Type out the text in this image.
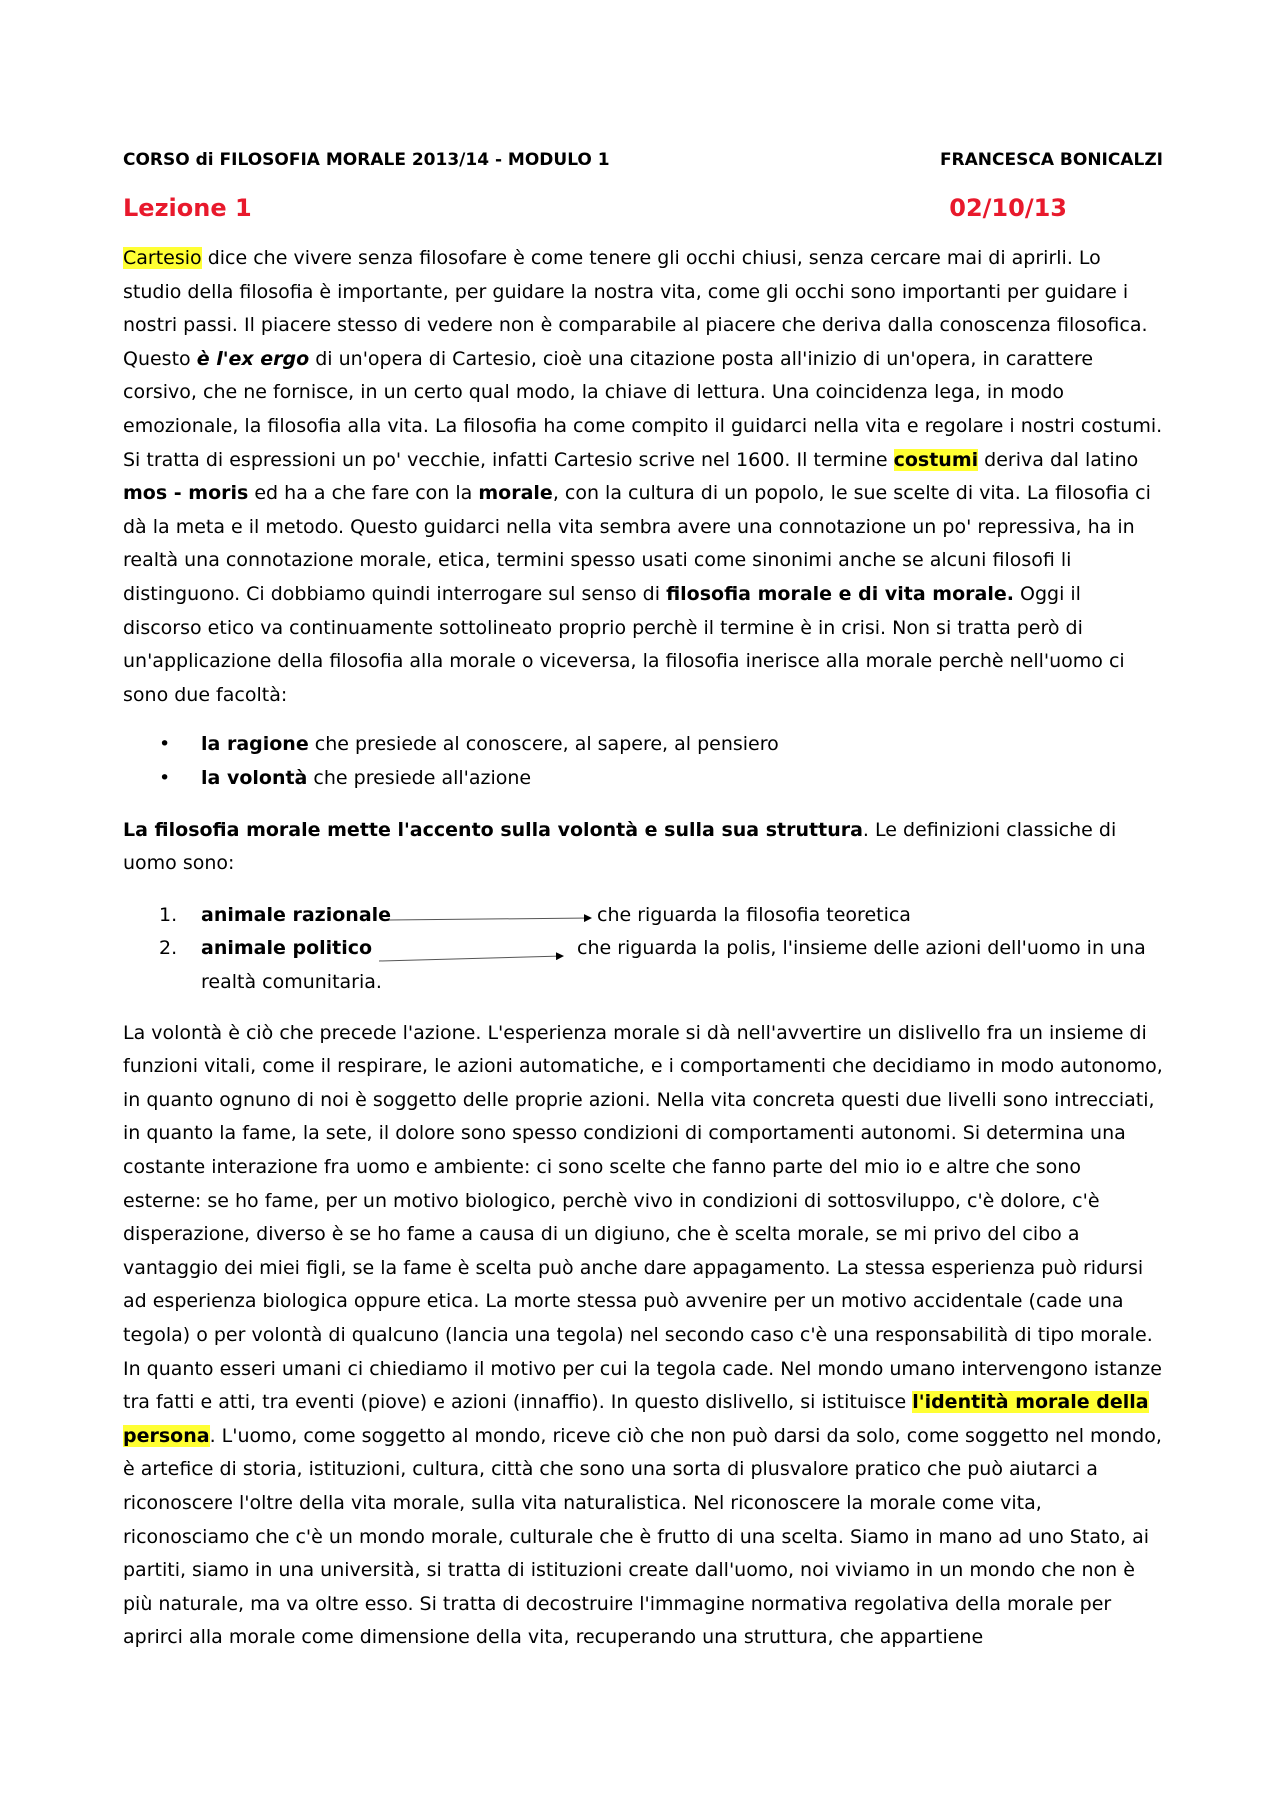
CORSO di FILOSOFIA MORALE 2013/14 - MODULO 1	FRANCESCA BONICALZI
Lezione 1	02/10/13

Cartesio dice che vivere senza filosofare è come tenere gli occhi chiusi, senza cercare mai di aprirli. Lo studio della filosofia è importante, per guidare la nostra vita, come gli occhi sono importanti per guidare i nostri passi. Il piacere stesso di vedere non è comparabile al piacere che deriva dalla conoscenza filosofica. Questo è l'ex ergo di un'opera di Cartesio, cioè una citazione posta all'inizio di un'opera, in carattere corsivo, che ne fornisce, in un certo qual modo, la chiave di lettura. Una coincidenza lega, in modo emozionale, la filosofia alla vita. La filosofia ha come compito il guidarci nella vita e regolare i nostri costumi. Si tratta di espressioni un po' vecchie, infatti Cartesio scrive nel 1600. Il termine costumi deriva dal latino mos - moris ed ha a che fare con la morale, con la cultura di un popolo, le sue scelte di vita. La filosofia ci dà la meta e il metodo. Questo guidarci nella vita sembra avere una connotazione un po' repressiva, ha in realtà una connotazione morale, etica, termini spesso usati come sinonimi anche se alcuni filosofi li distinguono. Ci dobbiamo quindi interrogare sul senso di filosofia morale e di vita morale. Oggi il discorso etico va continuamente sottolineato proprio perchè il termine è in crisi. Non si tratta però di un'applicazione della filosofia alla morale o viceversa, la filosofia inerisce alla morale perchè nell'uomo ci sono due facoltà:

• la ragione che presiede al conoscere, al sapere, al pensiero
• la volontà che presiede all'azione

La filosofia morale mette l'accento sulla volontà e sulla sua struttura. Le definizioni classiche di uomo sono:

1.	animale razionale	che riguarda la filosofia teoretica
2.	animale politico	che riguarda la polis, l'insieme delle azioni dell'uomo in una
realtà comunitaria.

La volontà è ciò che precede l'azione. L'esperienza morale si dà nell'avvertire un dislivello fra un insieme di funzioni vitali, come il respirare, le azioni automatiche, e i comportamenti che decidiamo in modo autonomo, in quanto ognuno di noi è soggetto delle proprie azioni. Nella vita concreta questi due livelli sono intrecciati, in quanto la fame, la sete, il dolore sono spesso condizioni di comportamenti autonomi. Si determina una costante interazione fra uomo e ambiente: ci sono scelte che fanno parte del mio io e altre che sono esterne: se ho fame, per un motivo biologico, perchè vivo in condizioni di sottosviluppo, c'è dolore, c'è disperazione, diverso è se ho fame a causa di un digiuno, che è scelta morale, se mi privo del cibo a vantaggio dei miei figli, se la fame è scelta può anche dare appagamento. La stessa esperienza può ridursi ad esperienza biologica oppure etica. La morte stessa può avvenire per un motivo accidentale (cade una tegola) o per volontà di qualcuno (lancia una tegola) nel secondo caso c'è una responsabilità di tipo morale. In quanto esseri umani ci chiediamo il motivo per cui la tegola cade. Nel mondo umano intervengono istanze tra fatti e atti, tra eventi (piove) e azioni (innaffio). In questo dislivello, si istituisce l'identità morale della persona. L'uomo, come soggetto al mondo, riceve ciò che non può darsi da solo, come soggetto nel mondo, è artefice di storia, istituzioni, cultura, città che sono una sorta di plusvalore pratico che può aiutarci a riconoscere l'oltre della vita morale, sulla vita naturalistica. Nel riconoscere la morale come vita, riconosciamo che c'è un mondo morale, culturale che è frutto di una scelta. Siamo in mano ad uno Stato, ai partiti, siamo in una università, si tratta di istituzioni create dall'uomo, noi viviamo in un mondo che non è più naturale, ma va oltre esso. Si tratta di decostruire l'immagine normativa regolativa della morale per aprirci alla morale come dimensione della vita, recuperando una struttura, che appartiene
